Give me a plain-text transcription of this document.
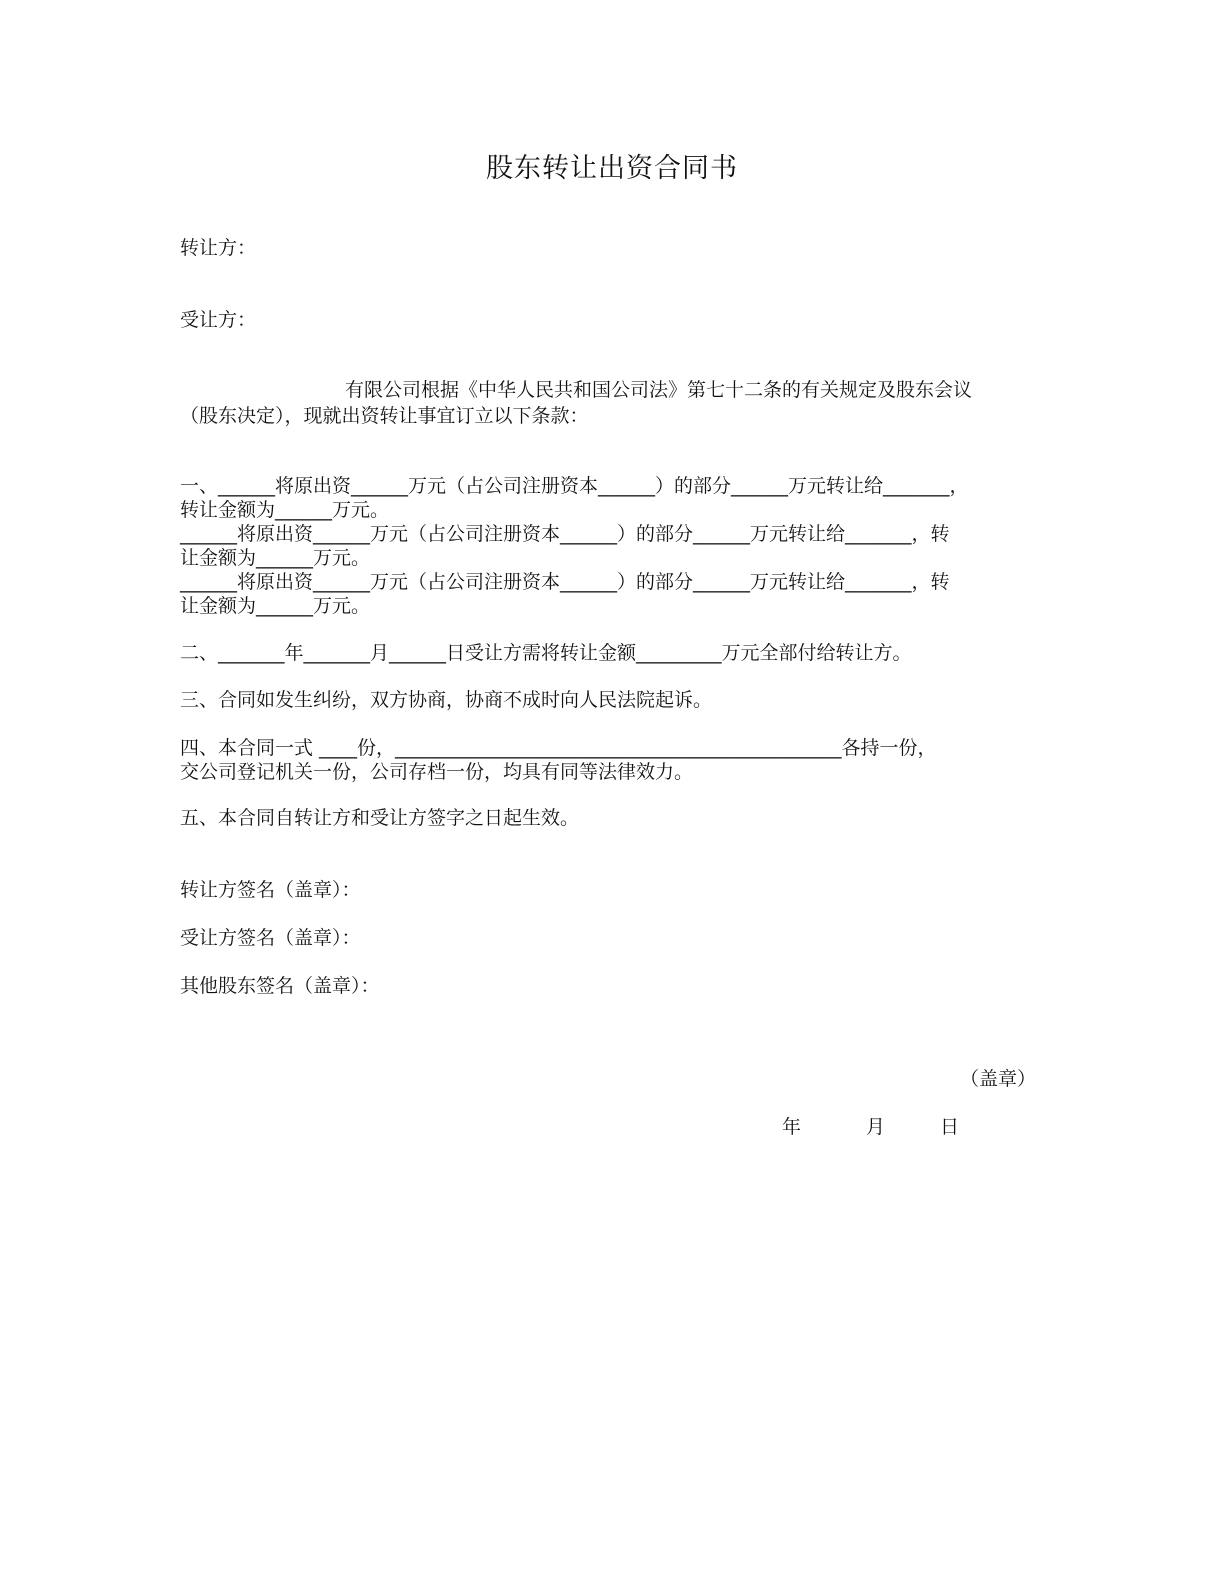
股东转让出资合同书
转让方：
受让方：
有限公司根据《中华人民共和国公司法》第七十二条的有关规定及股东会议
（股东决定），现就出资转让事宜订立以下条款：
一、______将原出资______万元（占公司注册资本______）的部分______万元转让给_______，
转让金额为______万元。
______将原出资______万元（占公司注册资本______）的部分______万元转让给_______，转
让金额为______万元。
______将原出资______万元（占公司注册资本______）的部分______万元转让给_______，转
让金额为______万元。
二、_______年_______月______日受让方需将转让金额_________万元全部付给转让方。
三、合同如发生纠纷，双方协商，协商不成时向人民法院起诉。
四、本合同一式 ____份，_______________________________________________各持一份，
交公司登记机关一份，公司存档一份，均具有同等法律效力。
五、本合同自转让方和受让方签字之日起生效。
转让方签名（盖章）：
受让方签名（盖章）：
其他股东签名（盖章）：
（盖章）
年	月	日
